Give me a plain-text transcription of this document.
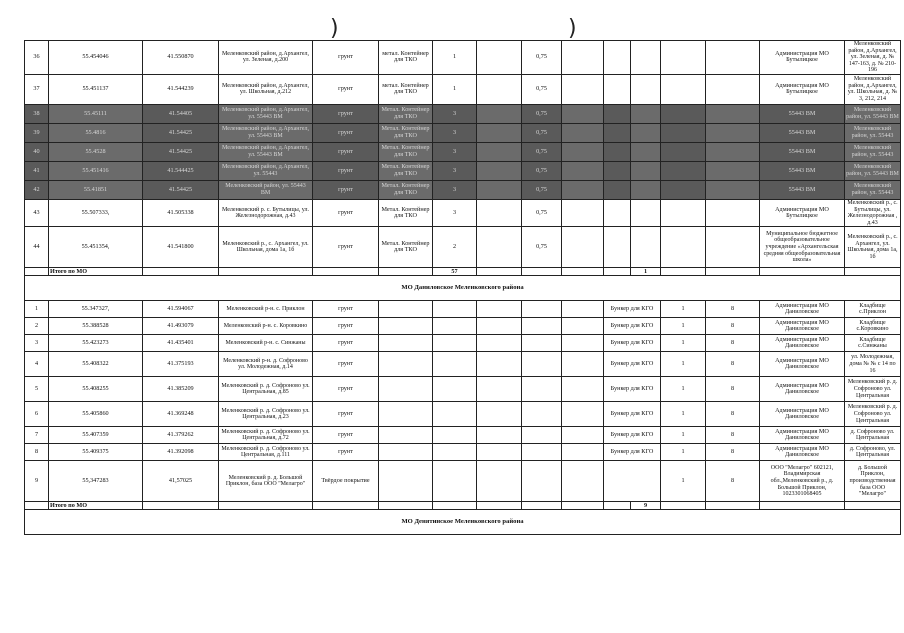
)	)
36	55.454046	41.550870	Меленковский район, д.Архангел, ул. Зеленая, д.200	грунт	метал. Контейнер для ТКО	1		0,75						Администрация МО Бутылицкое	Меленковский район, д.Архангел, ул. Зеленая, д. № 147-163, д. № 210-196
37	55.451137	41.544239	Меленковский район, д.Архангел, ул. Школьная, д.212	грунт	метал. Контейнер для ТКО	1		0,75						Администрация МО Бутылицкое	Меленковский район, д.Архангел, ул. Школьная, д. № 3, 212, 214
38	55.45111	41.54405	Меленковский район, д.Архангел, ул. 55443 ВМ	грунт	Метал. Контейнер для ТКО	3		0,75						55443 ВМ	Меленковский район, ул. 55443 ВМ
39	55.4816	41.54425	Меленковский район, д.Архангел, ул. 55443 ВМ	грунт	Метал. Контейнер для ТКО	3		0,75						55443 ВМ	Меленковский район, ул. 55443
40	55.4528	41.54425	Меленковский район, д.Архангел, ул. 55443 ВМ	грунт	Метал. Контейнер для ТКО	3		0,75						55443 ВМ	Меленковский район, ул. 55443
41	55.451416	41.544425	Меленковский район, д.Архангел, ул. 55443	грунт	Метал. Контейнер для ТКО	3		0,75						55443 ВМ	Меленковский район, ул. 55443 ВМ
42	55.41851	41.54425	Меленковский район, ул. 55443 ВМ	грунт	Метал. Контейнер для ТКО	3		0,75						55443 ВМ	Меленковский район, ул. 55443
43	55.507333,	41.505338	Меленковский р. с. Бутылицы, ул. Железнодорожная, д.43	грунт	Метал. Контейнер для ТКО	3		0,75						Администрация МО Бутылицкое	Меленковский р., с. Бутылицы, ул. Железнодорожная , д.43
44	55.451354,	41.541800	Меленковский р., с. Архангел, ул. Школьная, дома 1а, 1б	грунт	Метал. Контейнер для ТКО	2		0,75						Муниципальное бюджетное общеобразовательное учреждение «Архангельская средняя общеобразовательная школа»	Меленковский р., с. Архангел, ул. Школьная, дома 1а, 1б
	Итого по МО					57					1				
МО Даниловское Меленковского района															
1	55.347327,	41.594067	Меленковский р-н. с. Приклон	грунт						Бункер для КГО		1	8	Администрация МО Даниловское	Кладбище с.Приклон
2	55.388528	41.493079	Меленковский р-н. с. Коровкино	грунт						Бункер для КГО		1	8	Администрация МО Даниловское	Кладбище с.Коровкино
3	55.423273	41.435401	Меленковский р-н. с. Синжаны	грунт						Бункер для КГО		1	8	Администрация МО Даниловское	Кладбище с.Синжаны
4	55.408322	41.375193	Меленковский р-н. д. Софроново ул. Молодежная, д.14	грунт						Бункер для КГО		1	8	Администрация МО Даниловское	ул. Молодежная, дома № № с 14 по 16
5	55.408255	41.385209	Меленковский р. д. Софроново ул. Центральная, д.85	грунт						Бункер для КГО		1	8	Администрация МО Даниловское	Меленковский р. д. Софроново ул. Центральная
6	55.405860	41.369248	Меленковский р. д. Софроново ул. Центральная, д.23	грунт						Бункер для КГО		1	8	Администрация МО Даниловское	Меленковский р. д. Софроново ул. Центральная
7	55.407359	41.379262	Меленковский р. д. Софроново ул. Центральная, д.72	грунт						Бункер для КГО		1	8	Администрация МО Даниловское	д. Софроново ул. Центральная
8	55.409375	41.392098	Меленковский р. д. Софроново ул. Центральная, д.111	грунт						Бункер для КГО		1	8	Администрация МО Даниловское	д. Софроново, ул. Центральная
9	55,347283	41,57025	Меленковский р. д. Большой Приклон, база ООО "Мелагро"	Твёрдое покрытие								1	8	ООО "Мелагро" 602121, Владимирская обл.,Меленковский р., д. Большой Приклон, 1023301068405	д. Большой Приклон, производственная база ООО "Мелагро"
	Итого по МО										9				
МО Денятинское Меленковского района															
